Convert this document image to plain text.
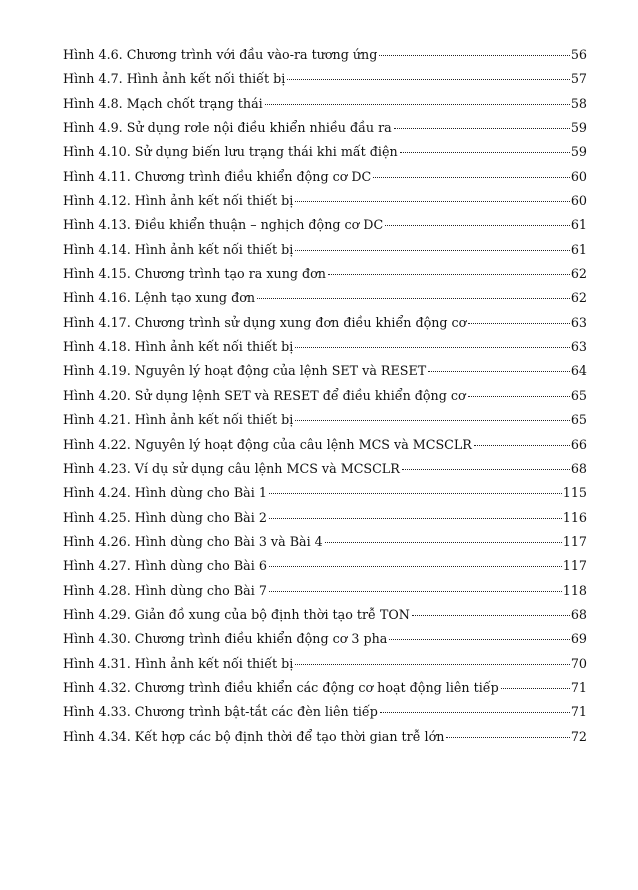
Hình 4.6. Chương trình với đầu vào-ra tương ứng	56
Hình 4.7. Hình ảnh kết nối thiết bị	57
Hình 4.8. Mạch chốt trạng thái	58
Hình 4.9. Sử dụng rơle nội điều khiển nhiều đầu ra	59
Hình 4.10. Sử dụng biến lưu trạng thái khi mất điện	59
Hình 4.11. Chương trình điều khiển động cơ DC	60
Hình 4.12. Hình ảnh kết nối thiết bị	60
Hình 4.13. Điều khiển thuận – nghịch động cơ DC	61
Hình 4.14. Hình ảnh kết nối thiết bị	61
Hình 4.15. Chương trình tạo ra xung đơn	62
Hình 4.16. Lệnh tạo xung đơn	62
Hình 4.17. Chương trình sử dụng xung đơn điều khiển động cơ	63
Hình 4.18. Hình ảnh kết nối thiết bị	63
Hình 4.19. Nguyên lý hoạt động của lệnh SET và RESET	64
Hình 4.20. Sử dụng lệnh SET và RESET để điều khiển động cơ	65
Hình 4.21. Hình ảnh kết nối thiết bị	65
Hình 4.22. Nguyên lý hoạt động của câu lệnh MCS và MCSCLR	66
Hình 4.23. Ví dụ sử dụng câu lệnh MCS và MCSCLR	68
Hình 4.24. Hình dùng cho Bài 1	115
Hình 4.25. Hình dùng cho Bài 2	116
Hình 4.26. Hình dùng cho Bài 3 và Bài 4	117
Hình 4.27. Hình dùng cho Bài 6	117
Hình 4.28. Hình dùng cho Bài 7	118
Hình 4.29. Giản đồ xung của bộ định thời tạo trễ TON	68
Hình 4.30. Chương trình điều khiển động cơ 3 pha	69
Hình 4.31. Hình ảnh kết nối thiết bị	70
Hình 4.32. Chương trình điều khiển các động cơ hoạt động liên tiếp	71
Hình 4.33. Chương trình bật-tắt các đèn liên tiếp	71
Hình 4.34. Kết hợp các bộ định thời để tạo thời gian trễ lớn	72
